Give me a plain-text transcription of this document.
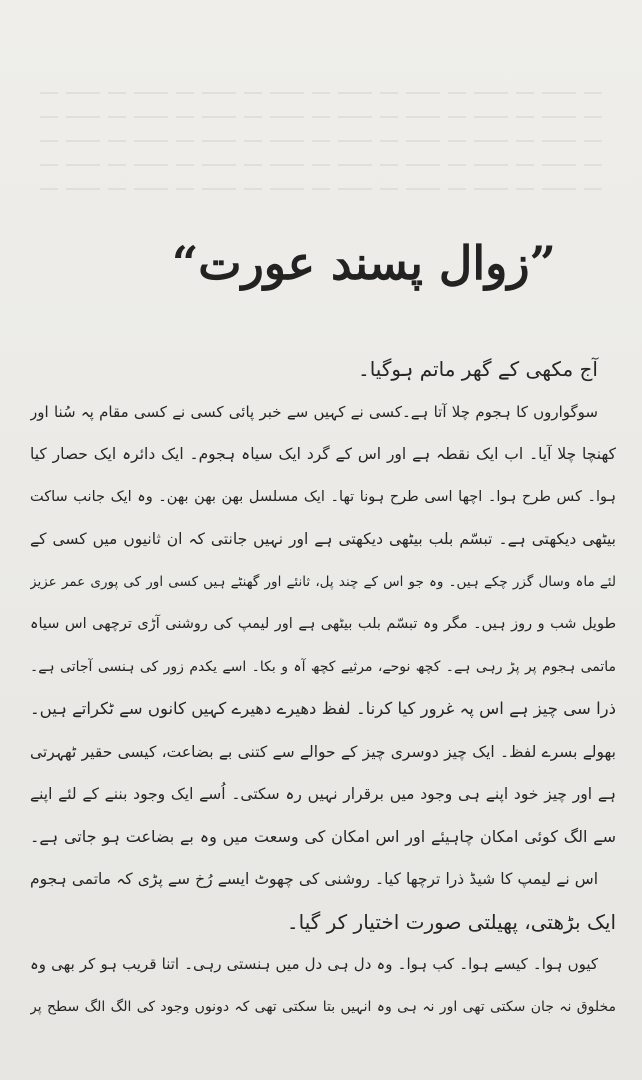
”زوال پسند عورت“
آج مکھی کے گھر ماتم ہوگیا۔
سوگواروں کا ہجوم چلا آتا ہے۔کسی نے کہیں سے خبر پائی کسی نے کسی مقام پہ سُنا اور
کھنچا چلا آیا۔ اب ایک نقطہ ہے اور اس کے گرد ایک سیاہ ہجوم۔ ایک دائرہ ایک حصار کیا
ہوا۔ کس طرح ہوا۔ اچھا اسی طرح ہونا تھا۔ ایک مسلسل بھن بھن بھن۔ وہ ایک جانب ساکت
بیٹھی دیکھتی ہے۔ تبسّم بلب بیٹھی دیکھتی ہے اور نہیں جانتی کہ ان ثانیوں میں کسی کے
لئے ماہ وسال گزر چکے ہیں۔ وہ جو اس کے چند پل، ثانئے اور گھنٹے ہیں کسی اور کی پوری عمر عزیز
طویل شب و روز ہیں۔ مگر وہ تبسّم بلب بیٹھی ہے اور لیمپ کی روشنی آڑی ترچھی اس سیاہ
ماتمی ہجوم پر پڑ رہی ہے۔ کچھ نوحے، مرثیے کچھ آہ و بکا۔ اسے یکدم زور کی ہنسی آجاتی ہے۔
ذرا سی چیز ہے اس پہ غرور کیا کرنا۔ لفظ دھیرے دھیرے کہیں کانوں سے ٹکراتے ہیں۔
بھولے بسرے لفظ۔ ایک چیز دوسری چیز کے حوالے سے کتنی بے بضاعت، کیسی حقیر ٹھہرتی
ہے اور چیز خود اپنے ہی وجود میں برقرار نہیں رہ سکتی۔ اُسے ایک وجود بننے کے لئے اپنے
سے الگ کوئی امکان چاہیئے اور اس امکان کی وسعت میں وہ بے بضاعت ہو جاتی ہے۔
اس نے لیمپ کا شیڈ ذرا ترچھا کیا۔ روشنی کی چھوٹ ایسے رُخ سے پڑی کہ ماتمی ہجوم
ایک بڑھتی، پھیلتی صورت اختیار کر گیا۔
کیوں ہوا۔ کیسے ہوا۔ کب ہوا۔ وہ دل ہی دل میں ہنستی رہی۔ اتنا قریب ہو کر بھی وہ
مخلوق نہ جان سکتی تھی اور نہ ہی وہ انہیں بتا سکتی تھی کہ دونوں وجود کی الگ الگ سطح پر
